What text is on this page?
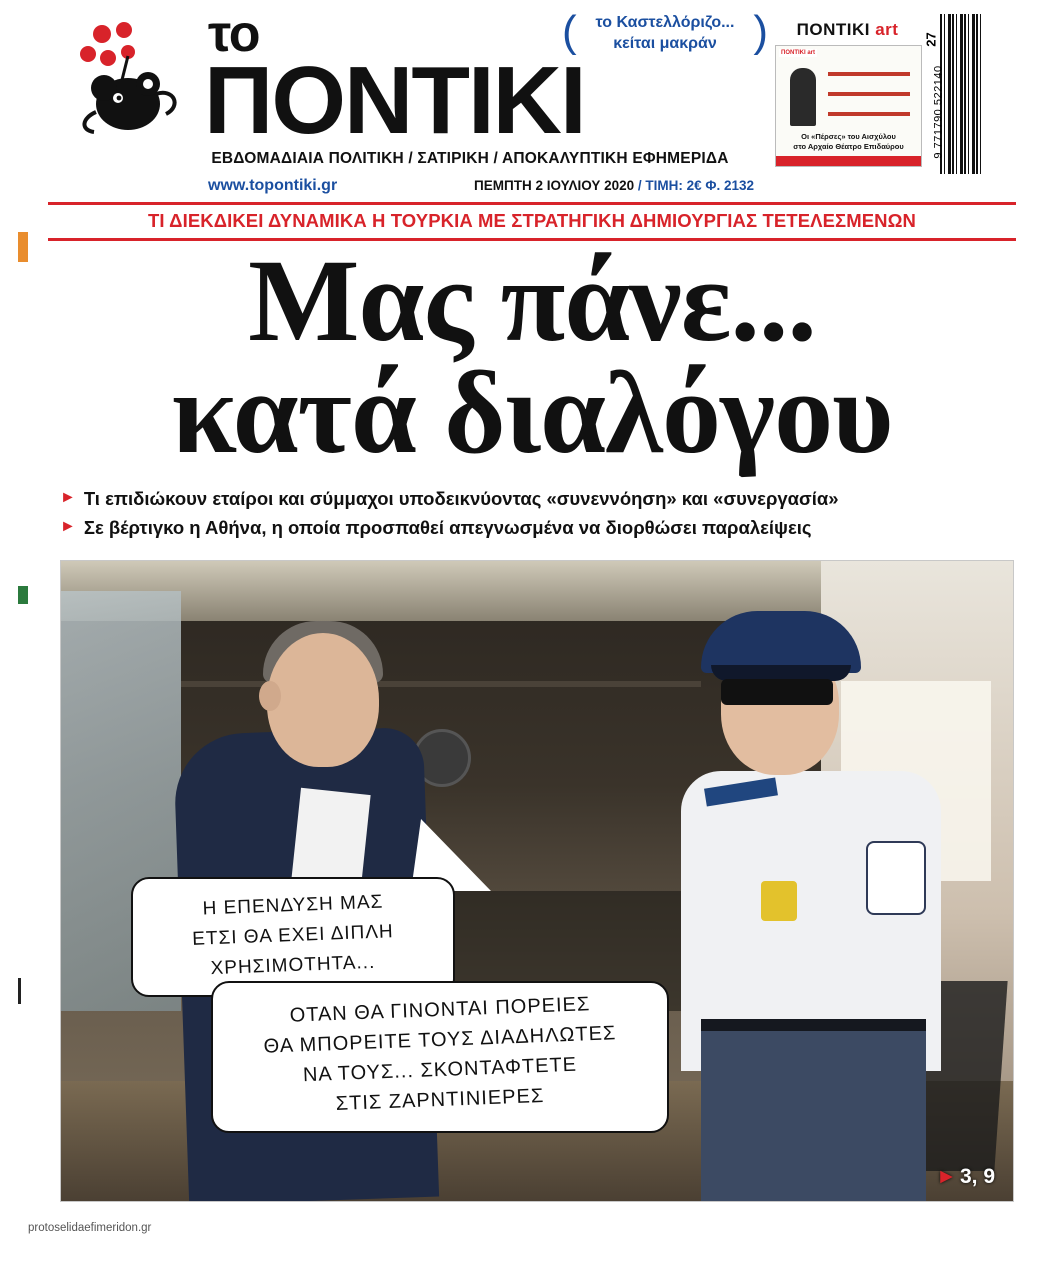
το
ΠΟΝΤΙΚΙ
ΕΒΔΟΜΑΔΙΑΙΑ ΠΟΛΙΤΙΚΗ / ΣΑΤΙΡΙΚΗ / ΑΠΟΚΑΛΥΠΤΙΚΗ ΕΦΗΜΕΡΙΔΑ
www.topontiki.gr	ΠΕΜΠΤΗ 2 ΙΟΥΛΙΟΥ 2020 / ΤΙΜΗ: 2€ Φ. 2132
(	)
το Καστελλόριζο...
κείται μακράν
ΠΟΝΤΙΚΙ art
ΠΟΝΤΙΚΙ art
Οι «Πέρσες» του Αισχύλου
στο Αρχαίο Θέατρο Επιδαύρου
27
9 771790 522140
ΤΙ ΔΙΕΚΔΙΚΕΙ ΔΥΝΑΜΙΚΑ Η ΤΟΥΡΚΙΑ ΜΕ ΣΤΡΑΤΗΓΙΚΗ ΔΗΜΙΟΥΡΓΙΑΣ ΤΕΤΕΛΕΣΜΕΝΩΝ
Μας πάνε...
κατά διαλόγου
► Τι επιδιώκουν εταίροι και σύμμαχοι υποδεικνύοντας «συνεννόηση» και «συνεργασία»
► Σε βέρτιγκο η Αθήνα, η οποία προσπαθεί απεγνωσμένα να διορθώσει παραλείψεις
Η ΕΠΕΝΔΥΣΗ ΜΑΣ
ΕΤΣΙ ΘΑ ΕΧΕΙ ΔΙΠΛΗ
ΧΡΗΣΙΜΟΤΗΤΑ...
ΟΤΑΝ ΘΑ ΓΙΝΟΝΤΑΙ ΠΟΡΕΙΕΣ
ΘΑ ΜΠΟΡΕΙΤΕ ΤΟΥΣ ΔΙΑΔΗΛΩΤΕΣ
ΝΑ ΤΟΥΣ... ΣΚΟΝΤΑΦΤΕΤΕ
ΣΤΙΣ ΖΑΡΝΤΙΝΙΕΡΕΣ
► 3, 9
protoselidaefimeridon.gr
